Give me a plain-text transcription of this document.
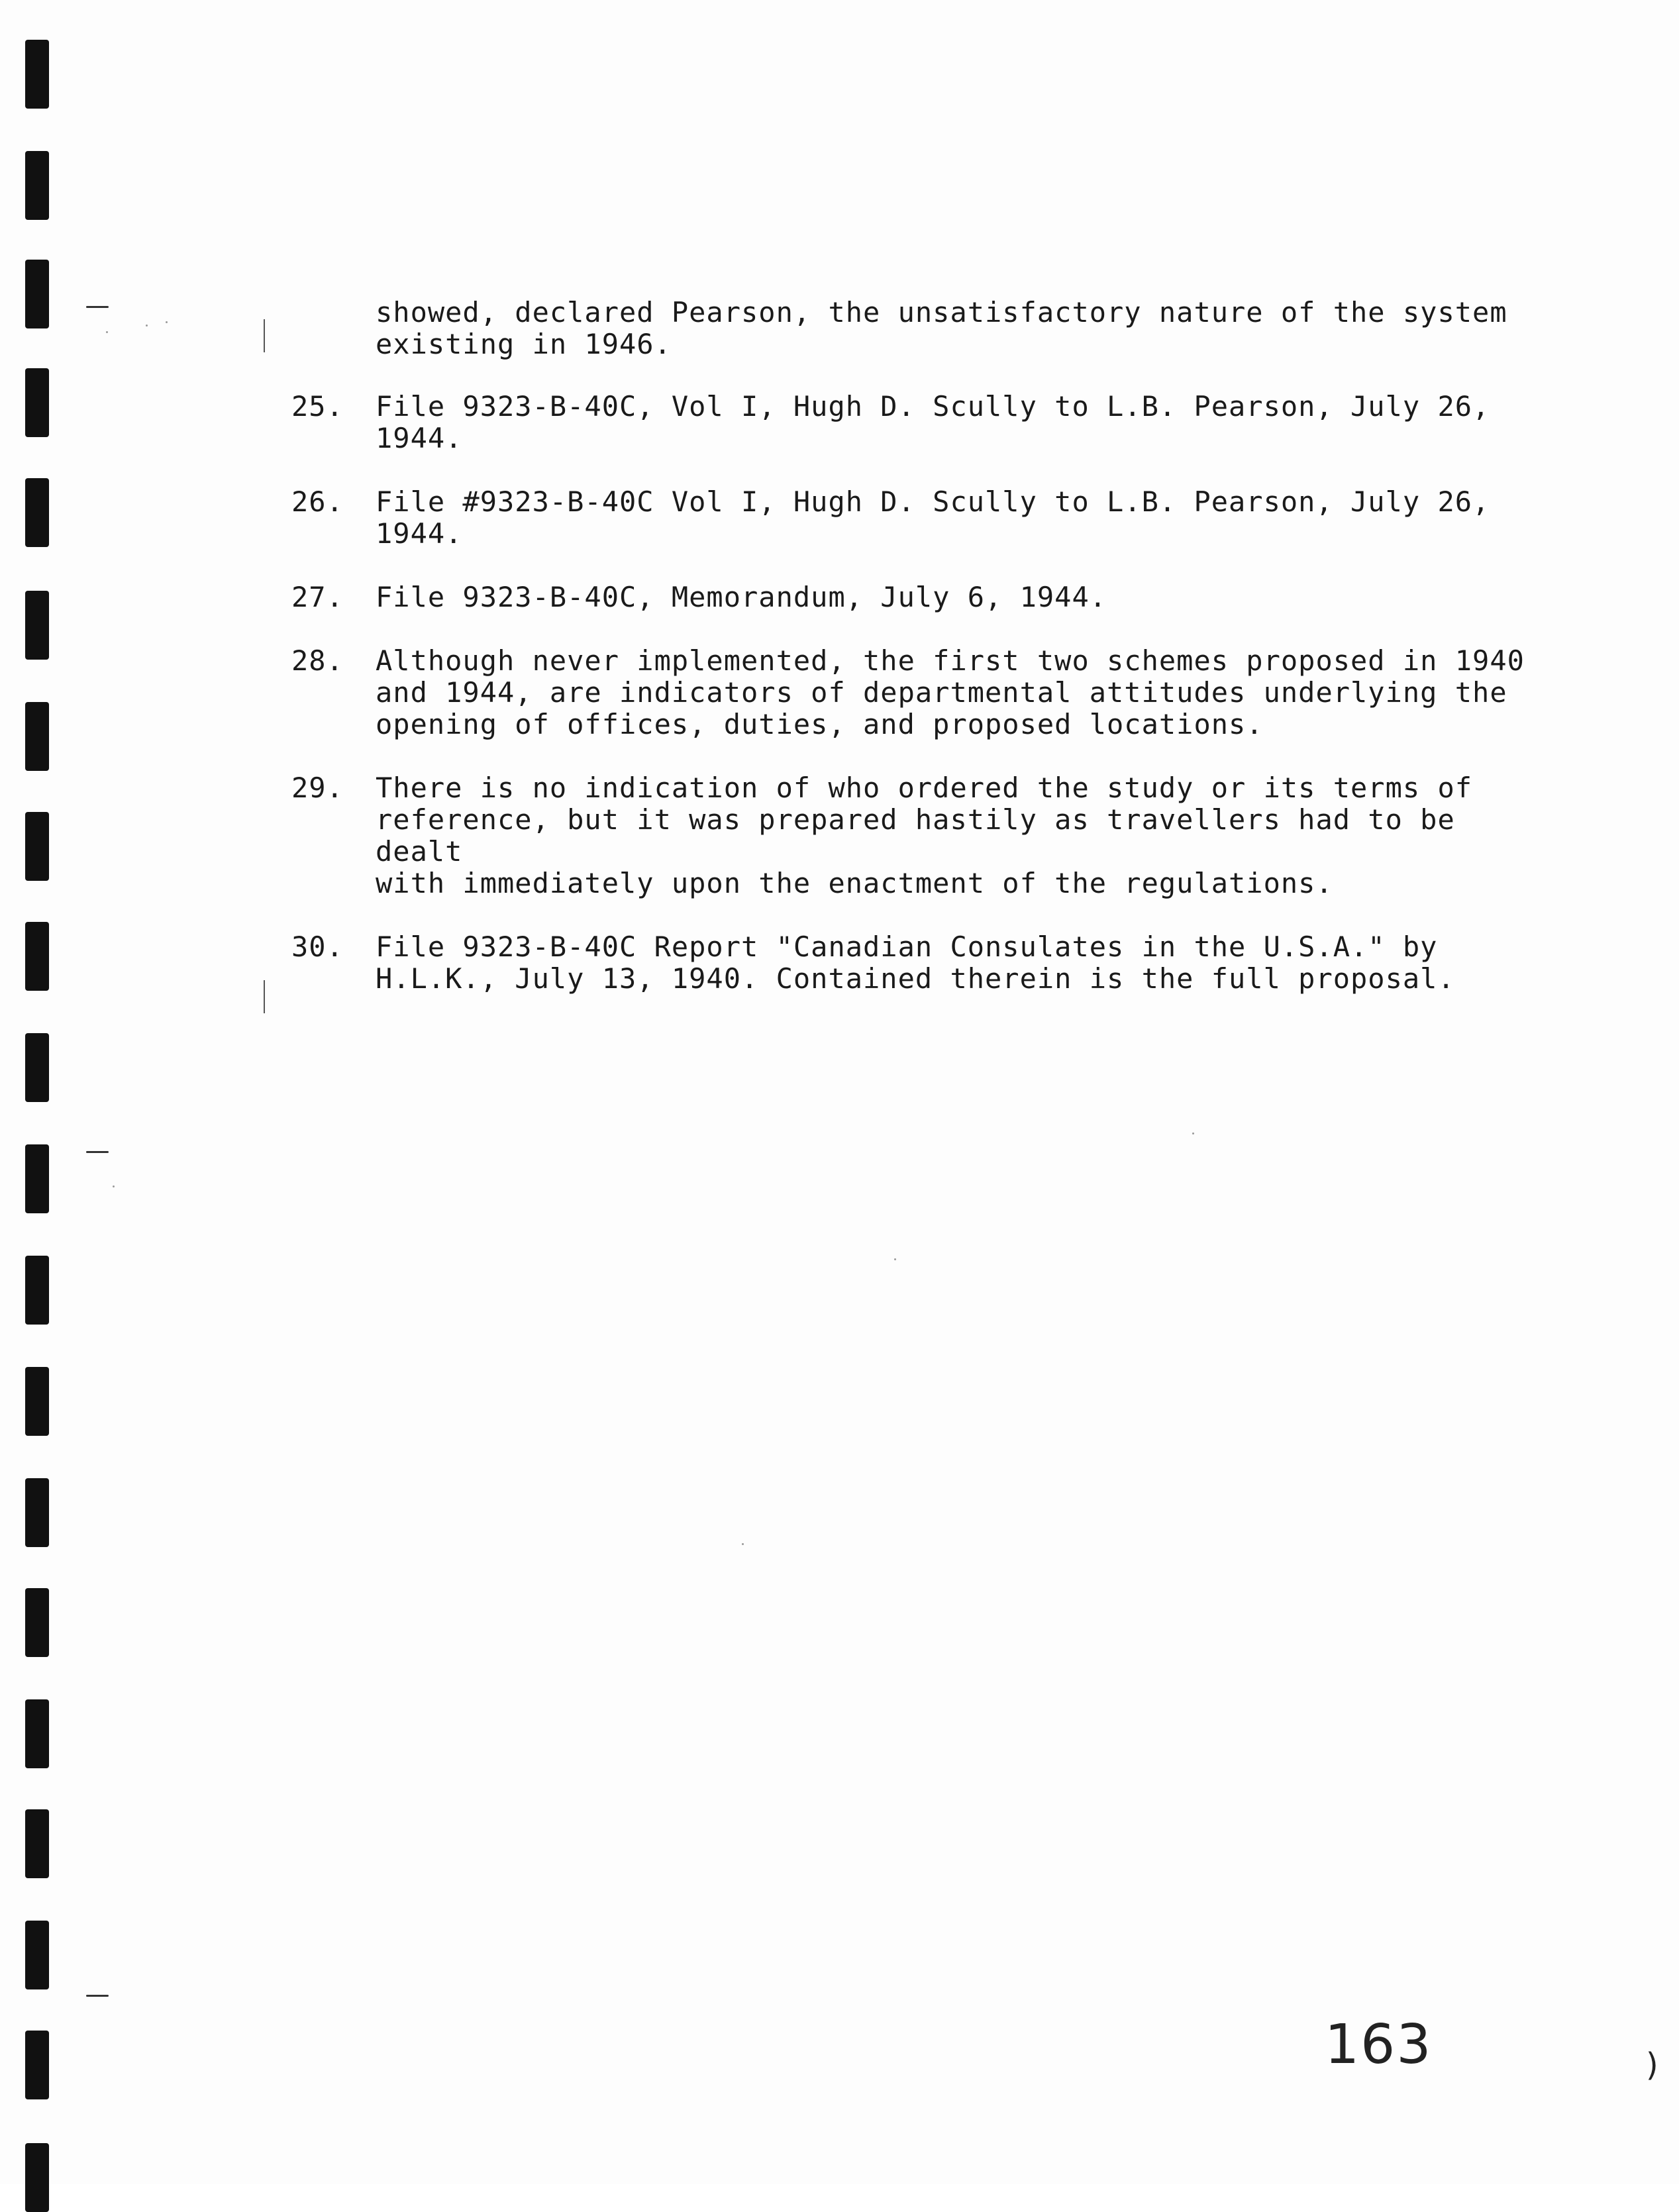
showed, declared Pearson, the unsatisfactory nature of the system
existing in 1946.

25.	File 9323-B-40C, Vol I, Hugh D. Scully to L.B. Pearson, July 26,
1944.
26.	File #9323-B-40C Vol I, Hugh D. Scully to L.B. Pearson, July 26,
1944.
27.	File 9323-B-40C, Memorandum, July 6, 1944.
28.	Although never implemented, the first two schemes proposed in 1940
and 1944, are indicators of departmental attitudes underlying the
opening of offices, duties, and proposed locations.
29.	There is no indication of who ordered the study or its terms of
reference, but it was prepared hastily as travellers had to be dealt
with immediately upon the enactment of the regulations.
30.	File 9323-B-40C Report "Canadian Consulates in the U.S.A." by
H.L.K., July 13, 1940. Contained therein is the full proposal.
163	)
